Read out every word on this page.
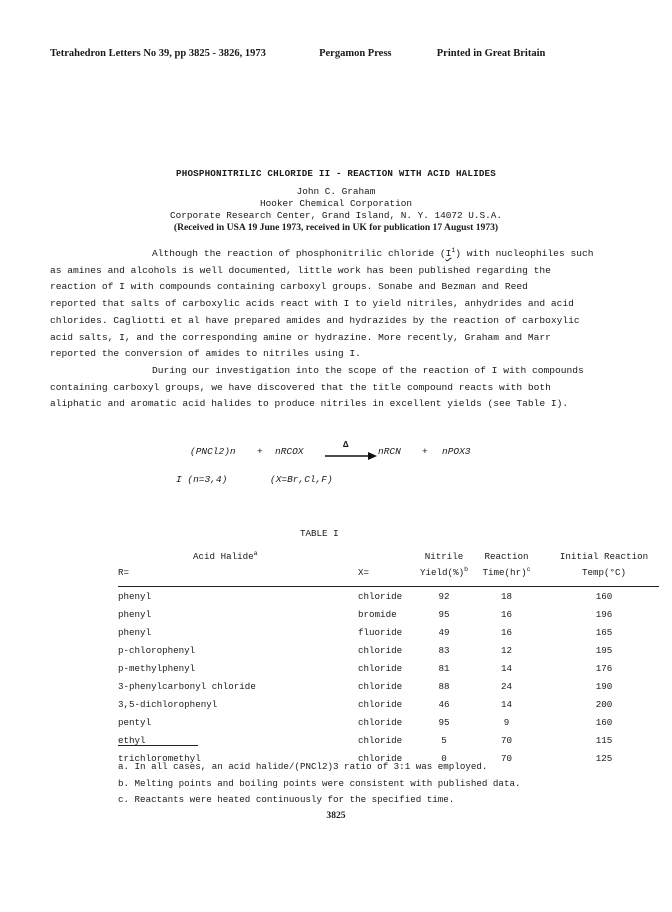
Tetrahedron Letters No 39, pp 3825 - 3826, 1973	Pergamon Press	Printed in Great Britain
PHOSPHONITRILIC CHLORIDE II - REACTION WITH ACID HALIDES
John C. Graham
Hooker Chemical Corporation
Corporate Research Center, Grand Island, N. Y. 14072 U.S.A.
(Received in USA 19 June 1973, received in UK for publication 17 August 1973)

Although the reaction of phosphonitrilic chloride $(I^1)$ with nucleophiles such

as amines and alcohols is well documented, little work has been published regarding the

reaction of I with compounds containing carboxyl groups. Sonabe and Bezman and Reed

reported that salts of carboxylic acids react with I to yield nitriles, anhydrides and acid

chlorides. Cagliotti et al have prepared amides and hydrazides by the reaction of carboxylic

acid salts, I, and the corresponding amine or hydrazine. More recently, Graham and Marr

reported the conversion of amides to nitriles using I.

During our investigation into the scope of the reaction of I with compounds

containing carboxyl groups, we have discovered that the title compound reacts with both

aliphatic and aromatic acid halides to produce nitriles in excellent yields (see Table I).

(PNCl2)n + nRCOX
Δ
nRCN + nPOX3
I (n=3,4)	(X=Br,Cl,F)
TABLE I
Acid Halide$^a$		Nitrile	Reaction	Initial Reaction
R=	X=	Yield(%)$^b$	Time(hr)$^c$	Temp(°C)

phenyl	chloride	92	18	160
phenyl	bromide	95	16	196
phenyl	fluoride	49	16	165
p-chlorophenyl	chloride	83	12	195
p-methylphenyl	chloride	81	14	176
3-phenylcarbonyl chloride	chloride	88	24	190
3,5-dichlorophenyl	chloride	46	14	200
pentyl	chloride	95	9	160
ethyl	chloride	5	70	115
trichloromethyl	chloride	0	70	125

a. In all cases, an acid halide/(PNCl2)3 ratio of 3:1 was employed.

b. Melting points and boiling points were consistent with published data.

c. Reactants were heated continuously for the specified time.

3825
